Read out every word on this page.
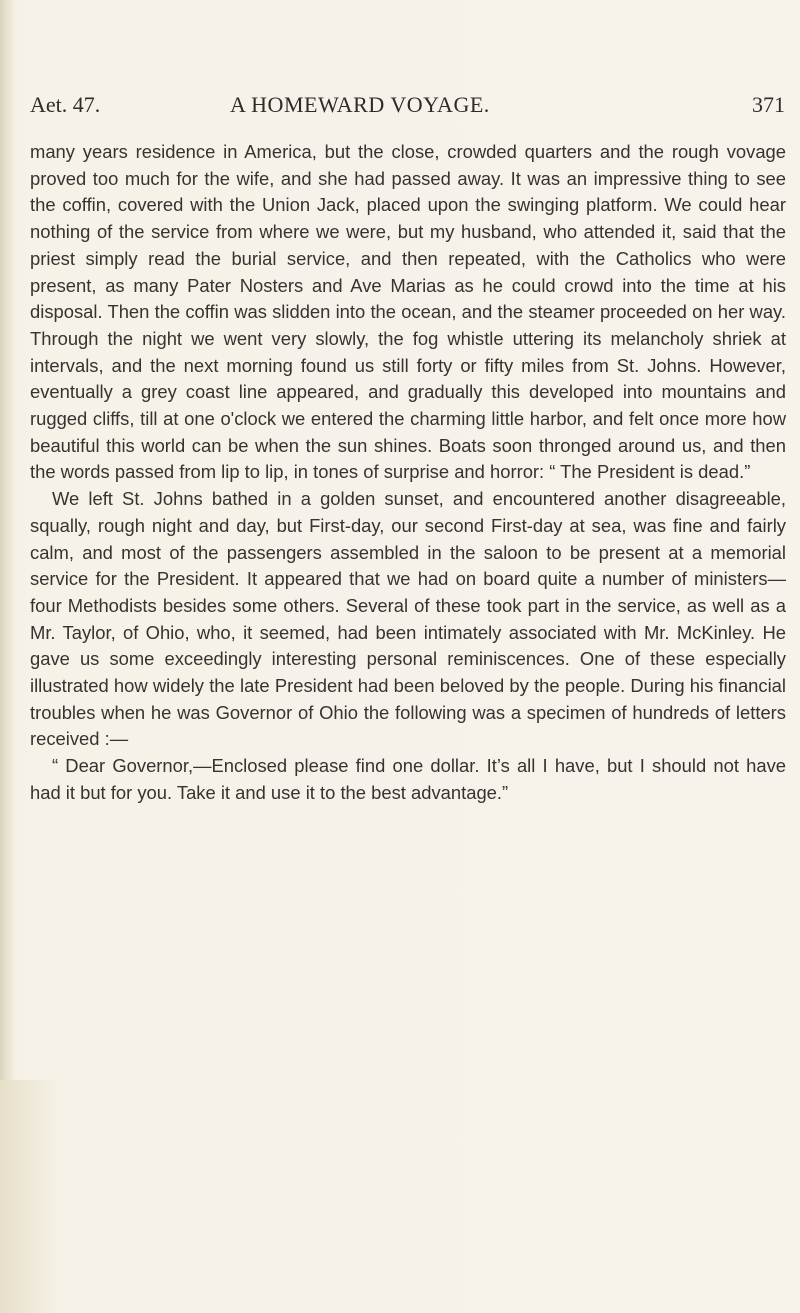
Aet. 47.	A HOMEWARD VOYAGE.	371

many years residence in America, but the close, crowded quarters and the rough vovage proved too much for the wife, and she had passed away. It was an impressive thing to see the coffin, covered with the Union Jack, placed upon the swinging platform. We could hear nothing of the service from where we were, but my husband, who attended it, said that the priest simply read the burial service, and then repeated, with the Catholics who were present, as many Pater Nosters and Ave Marias as he could crowd into the time at his disposal. Then the coffin was slidden into the ocean, and the steamer proceeded on her way. Through the night we went very slowly, the fog whistle uttering its melancholy shriek at intervals, and the next morning found us still forty or fifty miles from St. Johns. However, eventually a grey coast line appeared, and gradually this developed into mountains and rugged cliffs, till at one o'clock we entered the charming little harbor, and felt once more how beautiful this world can be when the sun shines. Boats soon thronged around us, and then the words passed from lip to lip, in tones of surprise and horror: “ The President is dead.”

We left St. Johns bathed in a golden sunset, and encountered another disagreeable, squally, rough night and day, but First-day, our second First-day at sea, was fine and fairly calm, and most of the passengers assembled in the saloon to be present at a memorial service for the President. It appeared that we had on board quite a number of ministers—four Methodists besides some others. Several of these took part in the service, as well as a Mr. Taylor, of Ohio, who, it seemed, had been intimately associated with Mr. McKinley. He gave us some exceedingly interesting personal reminiscences. One of these especially illustrated how widely the late President had been beloved by the people. During his financial troubles when he was Governor of Ohio the following was a specimen of hundreds of letters received :—

“ Dear Governor,—Enclosed please find one dollar. It’s all I have, but I should not have had it but for you. Take it and use it to the best advantage.”
